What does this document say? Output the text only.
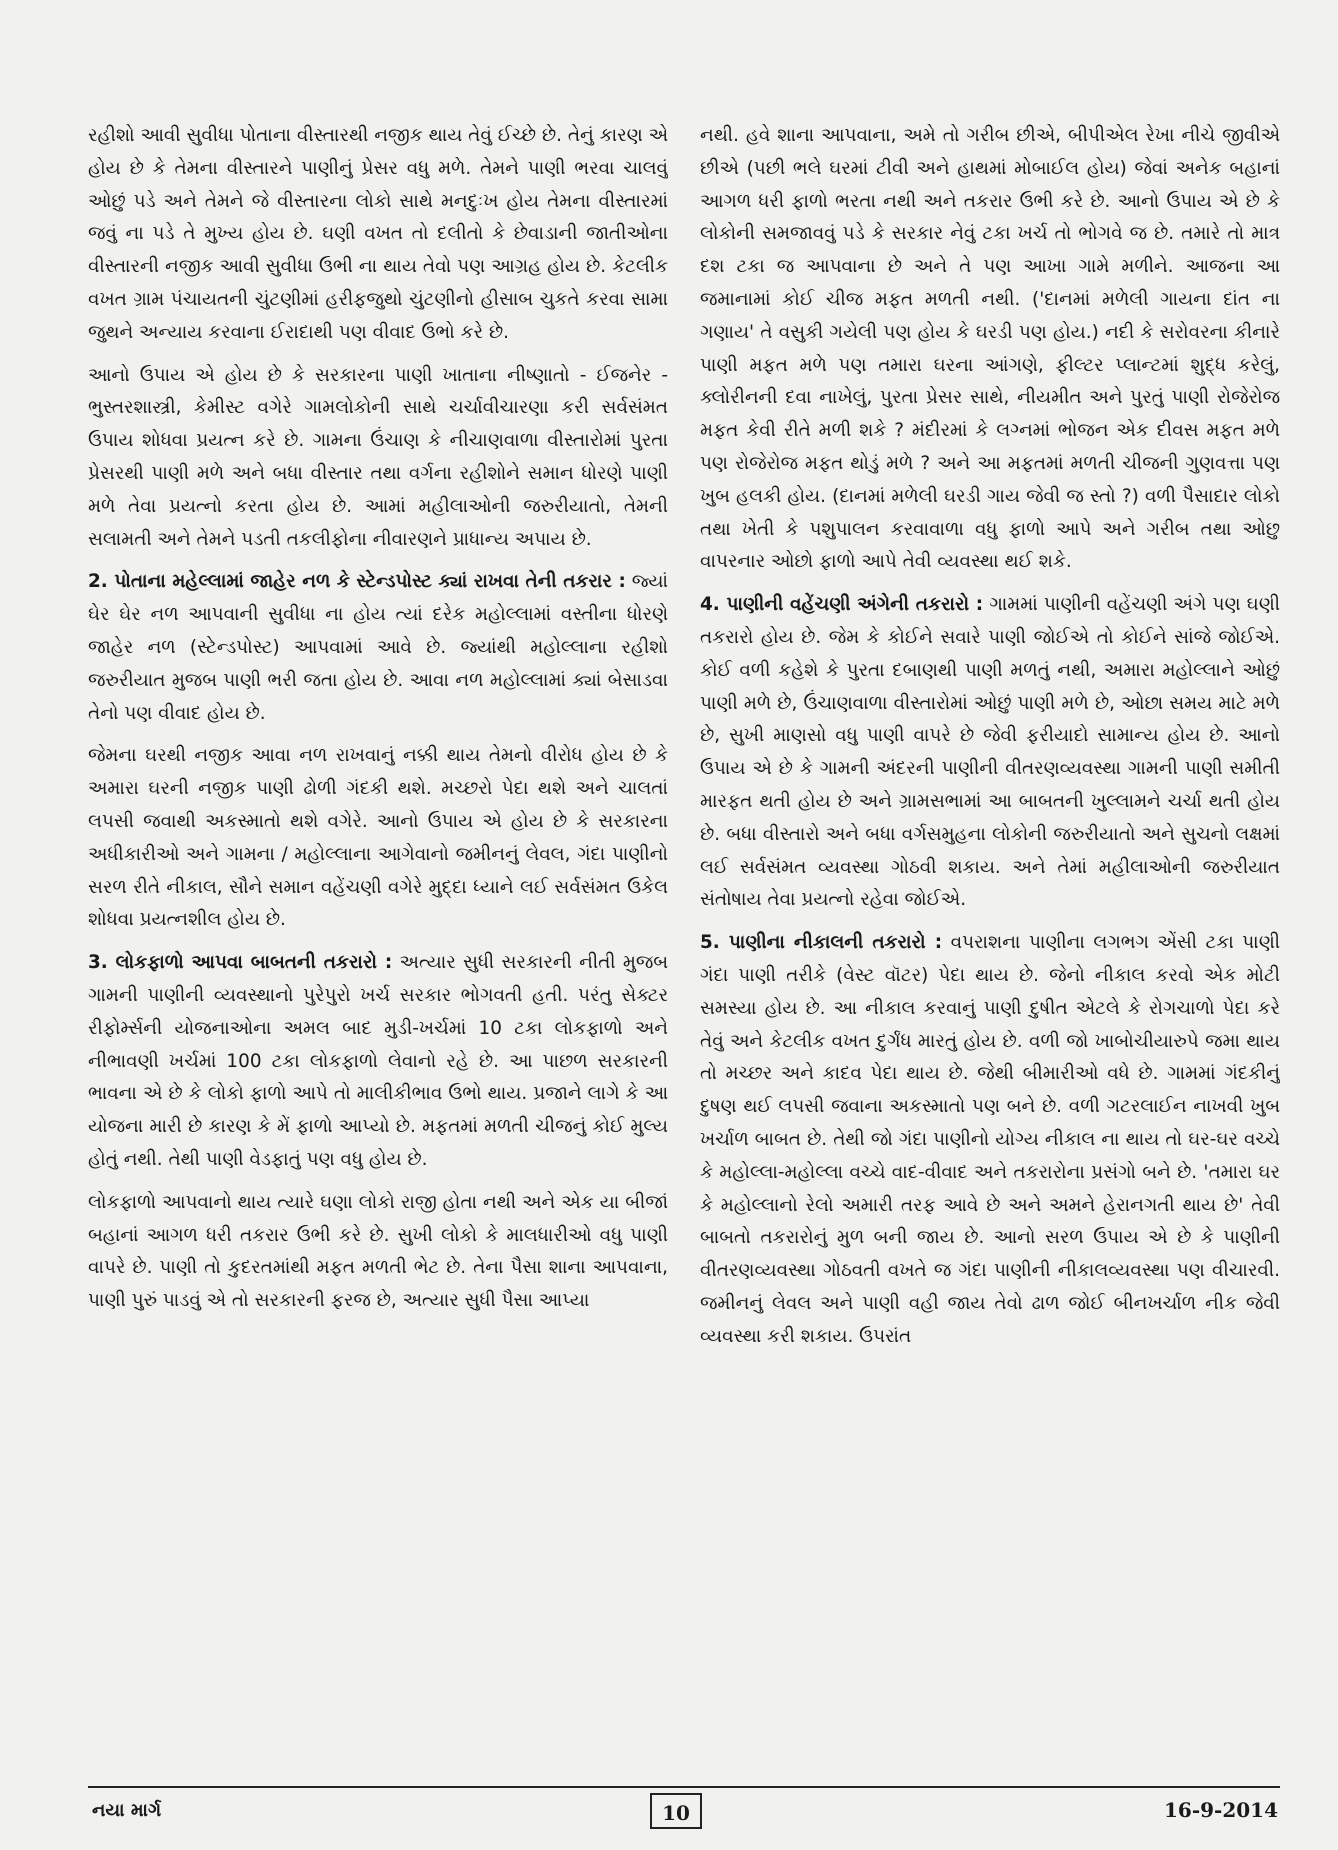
રહીશો આવી સુવીધા પોતાના વીસ્તારથી નજીક થાય તેવું ઈચ્છે છે. તેનું કારણ એ હોય છે કે તેમના વીસ્તારને પાણીનું પ્રેસર વધુ મળે. તેમને પાણી ભરવા ચાલવું ઓછું પડે અને તેમને જે વીસ્તારના લોકો સાથે મનદુઃખ હોય તેમના વીસ્તારમાં જવું ના પડે તે મુખ્ય હોય છે. ઘણી વખત તો દલીતો કે છેવાડાની જાતીઓના વીસ્તારની નજીક આવી સુવીધા ઉભી ના થાય તેવો પણ આગ્રહ હોય છે. કેટલીક વખત ગ્રામ પંચાયતની ચુંટણીમાં હરીફજુથો ચુંટણીનો હીસાબ ચુકતે કરવા સામા જુથને અન્યાય કરવાના ઈરાદાથી પણ વીવાદ ઉભો કરે છે.

આનો ઉપાય એ હોય છે કે સરકારના પાણી ખાતાના નીષ્ણાતો - ઈજનેર - ભુસ્તરશાસ્ત્રી, કેમીસ્ટ વગેરે ગામલોકોની સાથે ચર્ચાવીચારણા કરી સર્વસંમત ઉપાય શોધવા પ્રયત્ન કરે છે. ગામના ઉંચાણ કે નીચાણવાળા વીસ્તારોમાં પુરતા પ્રેસરથી પાણી મળે અને બધા વીસ્તાર તથા વર્ગના રહીશોને સમાન ધોરણે પાણી મળે તેવા પ્રયત્નો કરતા હોય છે. આમાં મહીલાઓની જરુરીયાતો, તેમની સલામતી અને તેમને પડતી તકલીફોના નીવારણને પ્રાધાન્ય અપાય છે.

2. પોતાના મહેલ્લામાં જાહેર નળ કે સ્ટેન્ડપોસ્ટ ક્યાં રાખવા તેની તકરાર : જ્યાં ઘેર ઘેર નળ આપવાની સુવીધા ના હોય ત્યાં દરેક મહોલ્લામાં વસ્તીના ધોરણે જાહેર નળ (સ્ટેન્ડપોસ્ટ) આપવામાં આવે છે. જ્યાંથી મહોલ્લાના રહીશો જરુરીયાત મુજબ પાણી ભરી જતા હોય છે. આવા નળ મહોલ્લામાં ક્યાં બેસાડવા તેનો પણ વીવાદ હોય છે.

જેમના ઘરથી નજીક આવા નળ રાખવાનું નક્કી થાય તેમનો વીરોધ હોય છે કે અમારા ઘરની નજીક પાણી ઢોળી ગંદકી થશે. મચ્છરો પેદા થશે અને ચાલતાં લપસી જવાથી અકસ્માતો થશે વગેરે. આનો ઉપાય એ હોય છે કે સરકારના અધીકારીઓ અને ગામના / મહોલ્લાના આગેવાનો જમીનનું લેવલ, ગંદા પાણીનો સરળ રીતે નીકાલ, સૌને સમાન વહેંચણી વગેરે મુદ્દા ધ્યાને લઈ સર્વસંમત ઉકેલ શોધવા પ્રયત્નશીલ હોય છે.

3. લોકફાળો આપવા બાબતની તકરારો : અત્યાર સુધી સરકારની નીતી મુજબ ગામની પાણીની વ્યવસ્થાનો પુરેપુરો ખર્ચ સરકાર ભોગવતી હતી. પરંતુ સેક્ટર રીફોર્મ્સની યોજનાઓના અમલ બાદ મુડી-ખર્ચમાં 10 ટકા લોકફાળો અને નીભાવણી ખર્ચમાં 100 ટકા લોકફાળો લેવાનો રહે છે. આ પાછળ સરકારની ભાવના એ છે કે લોકો ફાળો આપે તો માલીકીભાવ ઉભો થાય. પ્રજાને લાગે કે આ યોજના મારી છે કારણ કે મેં ફાળો આપ્યો છે. મફતમાં મળતી ચીજનું કોઈ મુલ્ય હોતું નથી. તેથી પાણી વેડફાતું પણ વધુ હોય છે.

લોકફાળો આપવાનો થાય ત્યારે ઘણા લોકો રાજી હોતા નથી અને એક યા બીજાં બહાનાં આગળ ધરી તકરાર ઉભી કરે છે. સુખી લોકો કે માલધારીઓ વધુ પાણી વાપરે છે. પાણી તો કુદરતમાંથી મફત મળતી ભેટ છે. તેના પૈસા શાના આપવાના, પાણી પુરું પાડવું એ તો સરકારની ફરજ છે, અત્યાર સુધી પૈસા આપ્યા

નથી. હવે શાના આપવાના, અમે તો ગરીબ છીએ, બીપીએલ રેખા નીચે જીવીએ છીએ (પછી ભલે ઘરમાં ટીવી અને હાથમાં મોબાઈલ હોય) જેવાં અનેક બહાનાં આગળ ધરી ફાળો ભરતા નથી અને તકરાર ઉભી કરે છે. આનો ઉપાય એ છે કે લોકોની સમજાવવું પડે કે સરકાર નેવું ટકા ખર્ચ તો ભોગવે જ છે. તમારે તો માત્ર દશ ટકા જ આપવાના છે અને તે પણ આખા ગામે મળીને. આજના આ જમાનામાં કોઈ ચીજ મફત મળતી નથી. ('દાનમાં મળેલી ગાયના દાંત ના ગણાય' તે વસુકી ગયેલી પણ હોય કે ઘરડી પણ હોય.) નદી કે સરોવરના કીનારે પાણી મફત મળે પણ તમારા ઘરના આંગણે, ફીલ્ટર પ્લાન્ટમાં શુદ્ધ કરેલું, ક્લોરીનની દવા નાખેલું, પુરતા પ્રેસર સાથે, નીયમીત અને પુરતું પાણી રોજેરોજ મફત કેવી રીતે મળી શકે ? મંદીરમાં કે લગ્નમાં ભોજન એક દીવસ મફત મળે પણ રોજેરોજ મફત થોડું મળે ? અને આ મફતમાં મળતી ચીજની ગુણવત્તા પણ ખુબ હલકી હોય. (દાનમાં મળેલી ઘરડી ગાય જેવી જ સ્તો ?) વળી પૈસાદાર લોકો તથા ખેતી કે પશુપાલન કરવાવાળા વધુ ફાળો આપે અને ગરીબ તથા ઓછુ વાપરનાર ઓછો ફાળો આપે તેવી વ્યવસ્થા થઈ શકે.

4. પાણીની વહેંચણી અંગેની તકરારો : ગામમાં પાણીની વહેંચણી અંગે પણ ઘણી તકરારો હોય છે. જેમ કે કોઈને સવારે પાણી જોઈએ તો કોઈને સાંજે જોઈએ. કોઈ વળી કહેશે કે પુરતા દબાણથી પાણી મળતું નથી, અમારા મહોલ્લાને ઓછું પાણી મળે છે, ઉંચાણવાળા વીસ્તારોમાં ઓછું પાણી મળે છે, ઓછા સમય માટે મળે છે, સુખી માણસો વધુ પાણી વાપરે છે જેવી ફરીયાદો સામાન્ય હોય છે. આનો ઉપાય એ છે કે ગામની અંદરની પાણીની વીતરણવ્યવસ્થા ગામની પાણી સમીતી મારફત થતી હોય છે અને ગ્રામસભામાં આ બાબતની ખુલ્લામને ચર્ચા થતી હોય છે. બધા વીસ્તારો અને બધા વર્ગસમુહના લોકોની જરુરીયાતો અને સુચનો લક્ષમાં લઈ સર્વસંમત વ્યવસ્થા ગોઠવી શકાય. અને તેમાં મહીલાઓની જરુરીયાત સંતોષાય તેવા પ્રયત્નો રહેવા જોઈએ.

5. પાણીના નીકાલની તકરારો : વપરાશના પાણીના લગભગ એંસી ટકા પાણી ગંદા પાણી તરીકે (વેસ્ટ વૉટર) પેદા થાય છે. જેનો નીકાલ કરવો એક મોટી સમસ્યા હોય છે. આ નીકાલ કરવાનું પાણી દુષીત એટલે કે રોગચાળો પેદા કરે તેવું અને કેટલીક વખત દુર્ગંધ મારતું હોય છે. વળી જો ખાબોચીયારુપે જમા થાય તો મચ્છર અને કાદવ પેદા થાય છે. જેથી બીમારીઓ વધે છે. ગામમાં ગંદકીનું દુષણ થઈ લપસી જવાના અકસ્માતો પણ બને છે. વળી ગટરલાઈન નાખવી ખુબ ખર્ચાળ બાબત છે. તેથી જો ગંદા પાણીનો યોગ્ય નીકાલ ના થાય તો ઘર-ઘર વચ્ચે કે મહોલ્લા-મહોલ્લા વચ્ચે વાદ-વીવાદ અને તકરારોના પ્રસંગો બને છે. 'તમારા ઘર કે મહોલ્લાનો રેલો અમારી તરફ આવે છે અને અમને હેરાનગતી થાય છે' તેવી બાબતો તકરારોનું મુળ બની જાય છે. આનો સરળ ઉપાય એ છે કે પાણીની વીતરણવ્યવસ્થા ગોઠવતી વખતે જ ગંદા પાણીની નીકાલવ્યવસ્થા પણ વીચારવી. જમીનનું લેવલ અને પાણી વહી જાય તેવો ઢાળ જોઈ બીનખર્ચાળ નીક જેવી વ્યવસ્થા કરી શકાય. ઉપરાંત

નયા માર્ગ	10	16-9-2014
